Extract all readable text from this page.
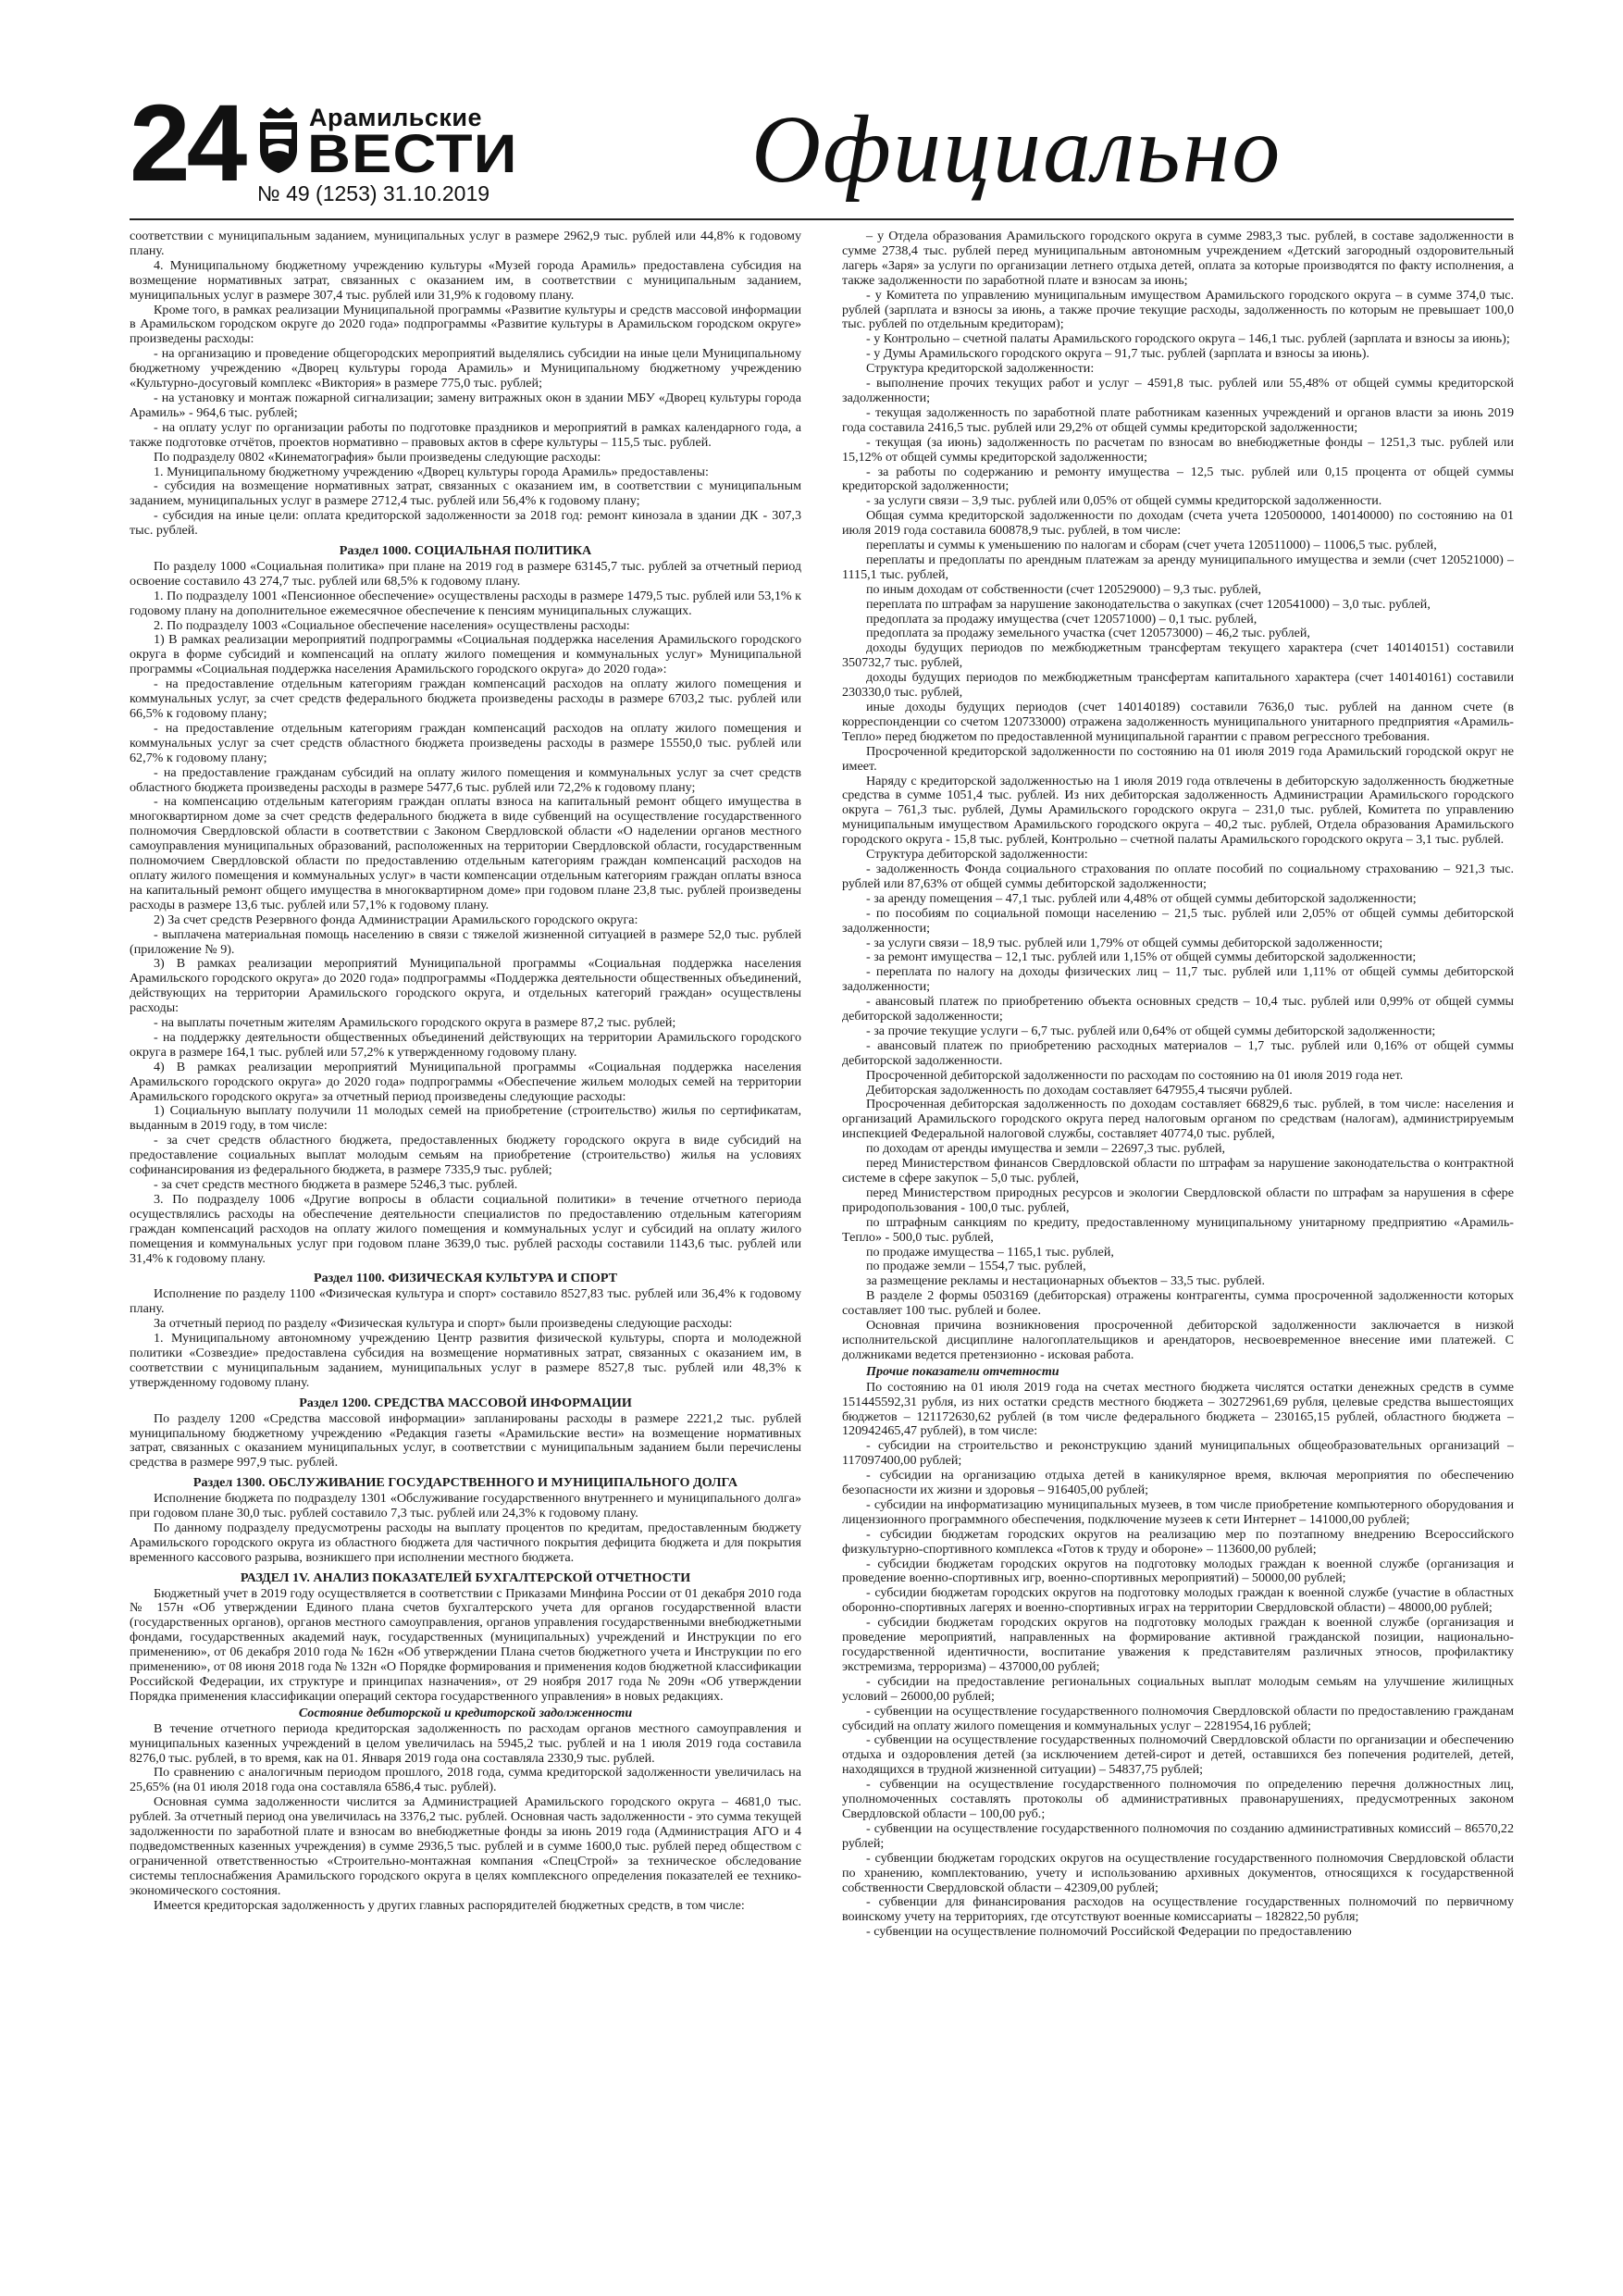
24	Арамильские
ВЕСТИ
№ 49 (1253) 31.10.2019	Официально

соответствии с муниципальным заданием, муниципальных услуг в размере 2962,9 тыс. рублей или 44,8% к годовому плану.

4. Муниципальному бюджетному учреждению культуры «Музей города Арамиль» предоставлена субсидия на возмещение нормативных затрат, связанных с оказанием им, в соответствии с муниципальным заданием, муниципальных услуг в размере 307,4 тыс. рублей или 31,9% к годовому плану.

Кроме того, в рамках реализации Муниципальной программы «Развитие культуры и средств массовой информации в Арамильском городском округе до 2020 года» подпрограммы «Развитие культуры в Арамильском городском округе» произведены расходы:

- на организацию и проведение общегородских мероприятий выделялись субсидии на иные цели Муниципальному бюджетному учреждению «Дворец культуры города Арамиль» и Муниципальному бюджетному учреждению «Культурно-досуговый комплекс «Виктория» в размере 775,0 тыс. рублей;

- на установку и монтаж пожарной сигнализации; замену витражных окон в здании МБУ «Дворец культуры города Арамиль» - 964,6 тыс. рублей;

- на оплату услуг по организации работы по подготовке праздников и мероприятий в рамках календарного года, а также подготовке отчётов, проектов нормативно – правовых актов в сфере культуры – 115,5 тыс. рублей.

По подразделу 0802 «Кинематография» были произведены следующие расходы:

1. Муниципальному бюджетному учреждению «Дворец культуры города Арамиль» предоставлены:

- субсидия на возмещение нормативных затрат, связанных с оказанием им, в соответствии с муниципальным заданием, муниципальных услуг в размере 2712,4 тыс. рублей или 56,4% к годовому плану;

- субсидия на иные цели: оплата кредиторской задолженности за 2018 год: ремонт кинозала в здании ДК - 307,3 тыс. рублей.

Раздел 1000. СОЦИАЛЬНАЯ ПОЛИТИКА

По разделу 1000 «Социальная политика» при плане на 2019 год в размере 63145,7 тыс. рублей за отчетный период освоение составило 43 274,7 тыс. рублей или 68,5% к годовому плану.

1. По подразделу 1001 «Пенсионное обеспечение» осуществлены расходы в размере 1479,5 тыс. рублей или 53,1% к годовому плану на дополнительное ежемесячное обеспечение к пенсиям муниципальных служащих.

2. По подразделу 1003 «Социальное обеспечение населения» осуществлены расходы:

1) В рамках реализации мероприятий подпрограммы «Социальная поддержка населения Арамильского городского округа в форме субсидий и компенсаций на оплату жилого помещения и коммунальных услуг» Муниципальной программы «Социальная поддержка населения Арамильского городского округа» до 2020 года»:

- на предоставление отдельным категориям граждан компенсаций расходов на оплату жилого помещения и коммунальных услуг, за счет средств федерального бюджета произведены расходы в размере 6703,2 тыс. рублей или 66,5% к годовому плану;

- на предоставление отдельным категориям граждан компенсаций расходов на оплату жилого помещения и коммунальных услуг за счет средств областного бюджета произведены расходы в размере 15550,0 тыс. рублей или 62,7% к годовому плану;

- на предоставление гражданам субсидий на оплату жилого помещения и коммунальных услуг за счет средств областного бюджета произведены расходы в размере 5477,6 тыс. рублей или 72,2% к годовому плану;

- на компенсацию отдельным категориям граждан оплаты взноса на капитальный ремонт общего имущества в многоквартирном доме за счет средств федерального бюджета в виде субвенций на осуществление государственного полномочия Свердловской области в соответствии с Законом Свердловской области «О наделении органов местного самоуправления муниципальных образований, расположенных на территории Свердловской области, государственным полномочием Свердловской области по предоставлению отдельным категориям граждан компенсаций расходов на оплату жилого помещения и коммунальных услуг» в части компенсации отдельным категориям граждан оплаты взноса на капитальный ремонт общего имущества в многоквартирном доме» при годовом плане 23,8 тыс. рублей произведены расходы в размере 13,6 тыс. рублей или 57,1% к годовому плану.

2) За счет средств Резервного фонда Администрации Арамильского городского округа:

- выплачена материальная помощь населению в связи с тяжелой жизненной ситуацией в размере 52,0 тыс. рублей (приложение № 9).

3) В рамках реализации мероприятий Муниципальной программы «Социальная поддержка населения Арамильского городского округа» до 2020 года» подпрограммы «Поддержка деятельности общественных объединений, действующих на территории Арамильского городского округа, и отдельных категорий граждан» осуществлены расходы:

- на выплаты почетным жителям Арамильского городского округа в размере 87,2 тыс. рублей;

- на поддержку деятельности общественных объединений действующих на территории Арамильского городского округа в размере 164,1 тыс. рублей или 57,2% к утвержденному годовому плану.

4) В рамках реализации мероприятий Муниципальной программы «Социальная поддержка населения Арамильского городского округа» до 2020 года» подпрограммы «Обеспечение жильем молодых семей на территории Арамильского городского округа» за отчетный период произведены следующие расходы:

1) Социальную выплату получили 11 молодых семей на приобретение (строительство) жилья по сертификатам, выданным в 2019 году, в том числе:

- за счет средств областного бюджета, предоставленных бюджету городского округа в виде субсидий на предоставление социальных выплат молодым семьям на приобретение (строительство) жилья на условиях софинансирования из федерального бюджета, в размере 7335,9 тыс. рублей;

- за счет средств местного бюджета в размере 5246,3 тыс. рублей.

3. По подразделу 1006 «Другие вопросы в области социальной политики» в течение отчетного периода осуществлялись расходы на обеспечение деятельности специалистов по предоставлению отдельным категориям граждан компенсаций расходов на оплату жилого помещения и коммунальных услуг и субсидий на оплату жилого помещения и коммунальных услуг при годовом плане 3639,0 тыс. рублей расходы составили 1143,6 тыс. рублей или 31,4% к годовому плану.

Раздел 1100. ФИЗИЧЕСКАЯ КУЛЬТУРА И СПОРТ

Исполнение по разделу 1100 «Физическая культура и спорт» составило 8527,83 тыс. рублей или 36,4% к годовому плану.

За отчетный период по разделу «Физическая культура и спорт» были произведены следующие расходы:

1. Муниципальному автономному учреждению Центр развития физической культуры, спорта и молодежной политики «Созвездие» предоставлена субсидия на возмещение нормативных затрат, связанных с оказанием им, в соответствии с муниципальным заданием, муниципальных услуг в размере 8527,8 тыс. рублей или 48,3% к утвержденному годовому плану.

Раздел 1200. СРЕДСТВА МАССОВОЙ ИНФОРМАЦИИ

По разделу 1200 «Средства массовой информации» запланированы расходы в размере 2221,2 тыс. рублей муниципальному бюджетному учреждению «Редакция газеты «Арамильские вести» на возмещение нормативных затрат, связанных с оказанием муниципальных услуг, в соответствии с муниципальным заданием были перечислены средства в размере 997,9 тыс. рублей.

Раздел 1300. ОБСЛУЖИВАНИЕ ГОСУДАРСТВЕННОГО И МУНИЦИПАЛЬНОГО ДОЛГА

Исполнение бюджета по подразделу 1301 «Обслуживание государственного внутреннего и муниципального долга» при годовом плане 30,0 тыс. рублей составило 7,3 тыс. рублей или 24,3% к годовому плану.

По данному подразделу предусмотрены расходы на выплату процентов по кредитам, предоставленным бюджету Арамильского городского округа из областного бюджета для частичного покрытия дефицита бюджета и для покрытия временного кассового разрыва, возникшего при исполнении местного бюджета.

РАЗДЕЛ 1V. АНАЛИЗ ПОКАЗАТЕЛЕЙ БУХГАЛТЕРСКОЙ ОТЧЕТНОСТИ

Бюджетный учет в 2019 году осуществляется в соответствии с Приказами Минфина России от 01 декабря 2010 года № 157н «Об утверждении Единого плана счетов бухгалтерского учета для органов государственной власти (государственных органов), органов местного самоуправления, органов управления государственными внебюджетными фондами, государственных академий наук, государственных (муниципальных) учреждений и Инструкции по его применению», от 06 декабря 2010 года № 162н «Об утверждении Плана счетов бюджетного учета и Инструкции по его применению», от 08 июня 2018 года № 132н «О Порядке формирования и применения кодов бюджетной классификации Российской Федерации, их структуре и принципах назначения», от 29 ноября 2017 года № 209н «Об утверждении Порядка применения классификации операций сектора государственного управления» в новых редакциях.

Состояние дебиторской и кредиторской задолженности

В течение отчетного периода кредиторская задолженность по расходам органов местного самоуправления и муниципальных казенных учреждений в целом увеличилась на 5945,2 тыс. рублей и на 1 июля 2019 года составила 8276,0 тыс. рублей, в то время, как на 01. Января 2019 года она составляла 2330,9 тыс. рублей.

По сравнению с аналогичным периодом прошлого, 2018 года, сумма кредиторской задолженности увеличилась на 25,65% (на 01 июля 2018 года она составляла 6586,4 тыс. рублей).

Основная сумма задолженности числится за Администрацией Арамильского городского округа – 4681,0 тыс. рублей. За отчетный период она увеличилась на 3376,2 тыс. рублей. Основная часть задолженности - это сумма текущей задолженности по заработной плате и взносам во внебюджетные фонды за июнь 2019 года (Администрация АГО и 4 подведомственных казенных учреждения) в сумме 2936,5 тыс. рублей и в сумме 1600,0 тыс. рублей перед обществом с ограниченной ответственностью «Строительно-монтажная компания «СпецСтрой» за техническое обследование системы теплоснабжения Арамильского городского округа в целях комплексного определения показателей ее технико-экономического состояния.

Имеется кредиторская задолженность у других главных распорядителей бюджетных средств, в том числе:

– у Отдела образования Арамильского городского округа в сумме 2983,3 тыс. рублей, в составе задолженности в сумме 2738,4 тыс. рублей перед муниципальным автономным учреждением «Детский загородный оздоровительный лагерь «Заря» за услуги по организации летнего отдыха детей, оплата за которые производятся по факту исполнения, а также задолженности по заработной плате и взносам за июнь;

- у Комитета по управлению муниципальным имуществом Арамильского городского округа – в сумме 374,0 тыс. рублей (зарплата и взносы за июнь, а также прочие текущие расходы, задолженность по которым не превышает 100,0 тыс. рублей по отдельным кредиторам);

- у Контрольно – счетной палаты Арамильского городского округа – 146,1 тыс. рублей (зарплата и взносы за июнь);

- у Думы Арамильского городского округа – 91,7 тыс. рублей (зарплата и взносы за июнь).

Структура кредиторской задолженности:

- выполнение прочих текущих работ и услуг – 4591,8 тыс. рублей или 55,48% от общей суммы кредиторской задолженности;

- текущая задолженность по заработной плате работникам казенных учреждений и органов власти за июнь 2019 года составила 2416,5 тыс. рублей или 29,2% от общей суммы кредиторской задолженности;

- текущая (за июнь) задолженность по расчетам по взносам во внебюджетные фонды – 1251,3 тыс. рублей или 15,12% от общей суммы кредиторской задолженности;

- за работы по содержанию и ремонту имущества – 12,5 тыс. рублей или 0,15 процента от общей суммы кредиторской задолженности;

- за услуги связи – 3,9 тыс. рублей или 0,05% от общей суммы кредиторской задолженности.

Общая сумма кредиторской задолженности по доходам (счета учета 120500000, 140140000) по состоянию на 01 июля 2019 года составила 600878,9 тыс. рублей, в том числе:

переплаты и суммы к уменьшению по налогам и сборам (счет учета 120511000) – 11006,5 тыс. рублей,

переплаты и предоплаты по арендным платежам за аренду муниципального имущества и земли (счет 120521000) – 1115,1 тыс. рублей,

по иным доходам от собственности (счет 120529000) – 9,3 тыс. рублей,

переплата по штрафам за нарушение законодательства о закупках (счет 120541000) – 3,0 тыс. рублей,

предоплата за продажу имущества (счет 120571000) – 0,1 тыс. рублей,

предоплата за продажу земельного участка (счет 120573000) – 46,2 тыс. рублей,

доходы будущих периодов по межбюджетным трансфертам текущего характера (счет 140140151) составили 350732,7 тыс. рублей,

доходы будущих периодов по межбюджетным трансфертам капитального характера (счет 140140161) составили 230330,0 тыс. рублей,

иные доходы будущих периодов (счет 140140189) составили 7636,0 тыс. рублей на данном счете (в корреспонденции со счетом 120733000) отражена задолженность муниципального унитарного предприятия «Арамиль-Тепло» перед бюджетом по предоставленной муниципальной гарантии с правом регрессного требования.

Просроченной кредиторской задолженности по состоянию на 01 июля 2019 года Арамильский городской округ не имеет.

Наряду с кредиторской задолженностью на 1 июля 2019 года отвлечены в дебиторскую задолженность бюджетные средства в сумме 1051,4 тыс. рублей. Из них дебиторская задолженность Администрации Арамильского городского округа – 761,3 тыс. рублей, Думы Арамильского городского округа – 231,0 тыс. рублей, Комитета по управлению муниципальным имуществом Арамильского городского округа – 40,2 тыс. рублей, Отдела образования Арамильского городского округа - 15,8 тыс. рублей, Контрольно – счетной палаты Арамильского городского округа – 3,1 тыс. рублей.

Структура дебиторской задолженности:

- задолженность Фонда социального страхования по оплате пособий по социальному страхованию – 921,3 тыс. рублей или 87,63% от общей суммы дебиторской задолженности;

- за аренду помещения – 47,1 тыс. рублей или 4,48% от общей суммы дебиторской задолженности;

- по пособиям по социальной помощи населению – 21,5 тыс. рублей или 2,05% от общей суммы дебиторской задолженности;

- за услуги связи – 18,9 тыс. рублей или 1,79% от общей суммы дебиторской задолженности;

- за ремонт имущества – 12,1 тыс. рублей или 1,15% от общей суммы дебиторской задолженности;

- переплата по налогу на доходы физических лиц – 11,7 тыс. рублей или 1,11% от общей суммы дебиторской задолженности;

- авансовый платеж по приобретению объекта основных средств – 10,4 тыс. рублей или 0,99% от общей суммы дебиторской задолженности;

- за прочие текущие услуги – 6,7 тыс. рублей или 0,64% от общей суммы дебиторской задолженности;

- авансовый платеж по приобретению расходных материалов – 1,7 тыс. рублей или 0,16% от общей суммы дебиторской задолженности.

Просроченной дебиторской задолженности по расходам по состоянию на 01 июля 2019 года нет.

Дебиторская задолженность по доходам составляет 647955,4 тысячи рублей.

Просроченная дебиторская задолженность по доходам составляет 66829,6 тыс. рублей, в том числе: населения и организаций Арамильского городского округа перед налоговым органом по средствам (налогам), администрируемым инспекцией Федеральной налоговой службы, составляет 40774,0 тыс. рублей,

по доходам от аренды имущества и земли – 22697,3 тыс. рублей,

перед Министерством финансов Свердловской области по штрафам за нарушение законодательства о контрактной системе в сфере закупок – 5,0 тыс. рублей,

перед Министерством природных ресурсов и экологии Свердловской области по штрафам за нарушения в сфере природопользования - 100,0 тыс. рублей,

по штрафным санкциям по кредиту, предоставленному муниципальному унитарному предприятию «Арамиль-Тепло» - 500,0 тыс. рублей,

по продаже имущества – 1165,1 тыс. рублей,

по продаже земли – 1554,7 тыс. рублей,

за размещение рекламы и нестационарных объектов – 33,5 тыс. рублей.

В разделе 2 формы 0503169 (дебиторская) отражены контрагенты, сумма просроченной задолженности которых составляет 100 тыс. рублей и более.

Основная причина возникновения просроченной дебиторской задолженности заключается в низкой исполнительской дисциплине налогоплательщиков и арендаторов, несвоевременное внесение ими платежей. С должниками ведется претензионно - исковая работа.

Прочие показатели отчетности

По состоянию на 01 июля 2019 года на счетах местного бюджета числятся остатки денежных средств в сумме 151445592,31 рубля, из них остатки средств местного бюджета – 30272961,69 рубля, целевые средства вышестоящих бюджетов – 121172630,62 рублей (в том числе федерального бюджета – 230165,15 рублей, областного бюджета – 120942465,47 рублей), в том числе:

- субсидии на строительство и реконструкцию зданий муниципальных общеобразовательных организаций – 117097400,00 рублей;

- субсидии на организацию отдыха детей в каникулярное время, включая мероприятия по обеспечению безопасности их жизни и здоровья – 916405,00 рублей;

- субсидии на информатизацию муниципальных музеев, в том числе приобретение компьютерного оборудования и лицензионного программного обеспечения, подключение музеев к сети Интернет – 141000,00 рублей;

- субсидии бюджетам городских округов на реализацию мер по поэтапному внедрению Всероссийского физкультурно-спортивного комплекса «Готов к труду и обороне» – 113600,00 рублей;

- субсидии бюджетам городских округов на подготовку молодых граждан к военной службе (организация и проведение военно-спортивных игр, военно-спортивных мероприятий) – 50000,00 рублей;

- субсидии бюджетам городских округов на подготовку молодых граждан к военной службе (участие в областных оборонно-спортивных лагерях и военно-спортивных играх на территории Свердловской области) – 48000,00 рублей;

- субсидии бюджетам городских округов на подготовку молодых граждан к военной службе (организация и проведение мероприятий, направленных на формирование активной гражданской позиции, национально-государственной идентичности, воспитание уважения к представителям различных этносов, профилактику экстремизма, терроризма) – 437000,00 рублей;

- субсидии на предоставление региональных социальных выплат молодым семьям на улучшение жилищных условий – 26000,00 рублей;

- субвенции на осуществление государственного полномочия Свердловской области по предоставлению гражданам субсидий на оплату жилого помещения и коммунальных услуг – 2281954,16 рублей;

- субвенции на осуществление государственных полномочий Свердловской области по организации и обеспечению отдыха и оздоровления детей (за исключением детей-сирот и детей, оставшихся без попечения родителей, детей, находящихся в трудной жизненной ситуации) – 54837,75 рублей;

- субвенции на осуществление государственного полномочия по определению перечня должностных лиц, уполномоченных составлять протоколы об административных правонарушениях, предусмотренных законом Свердловской области – 100,00 руб.;

- субвенции на осуществление государственного полномочия по созданию административных комиссий – 86570,22 рублей;

- субвенции бюджетам городских округов на осуществление государственного полномочия Свердловской области по хранению, комплектованию, учету и использованию архивных документов, относящихся к государственной собственности Свердловской области – 42309,00 рублей;

- субвенции для финансирования расходов на осуществление государственных полномочий по первичному воинскому учету на территориях, где отсутствуют военные комиссариаты – 182822,50 рубля;

- субвенции на осуществление полномочий Российской Федерации по предоставлению
